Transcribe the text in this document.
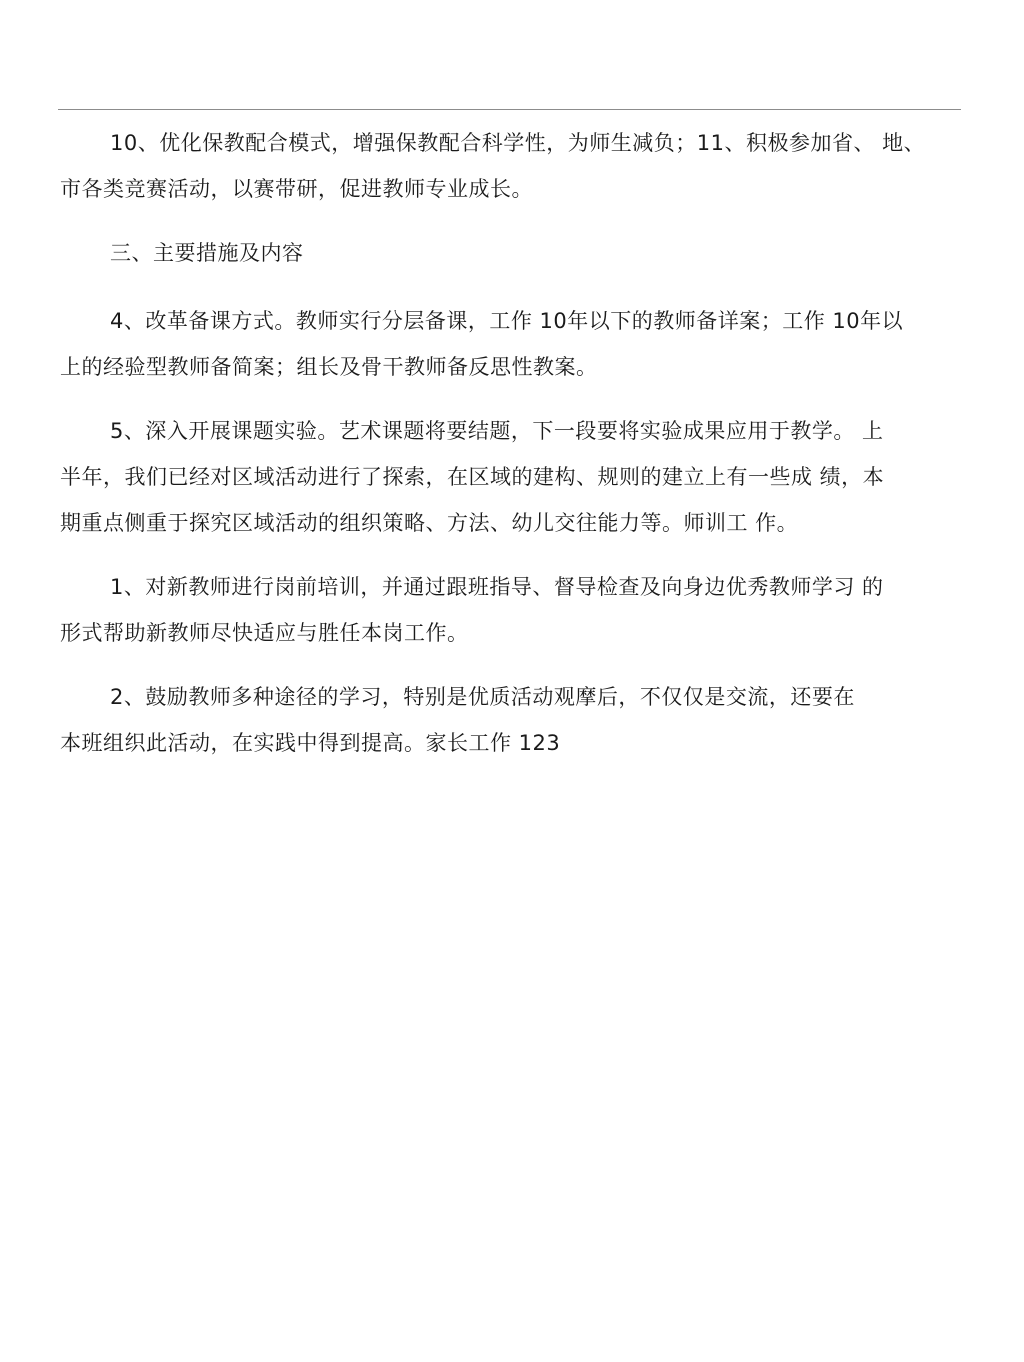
10、优化保教配合模式，增强保教配合科学性，为师生减负；11、积极参加省、 地、
市各类竞赛活动，以赛带研，促进教师专业成长。

三、主要措施及内容

4、改革备课方式。教师实行分层备课，工作 10年以下的教师备详案；工作 10年以
上的经验型教师备简案；组长及骨干教师备反思性教案。

5、深入开展课题实验。艺术课题将要结题，下一段要将实验成果应用于教学。 上
半年，我们已经对区域活动进行了探索，在区域的建构、规则的建立上有一些成 绩，本
期重点侧重于探究区域活动的组织策略、方法、幼儿交往能力等。师训工 作。

1、对新教师进行岗前培训，并通过跟班指导、督导检查及向身边优秀教师学习 的
形式帮助新教师尽快适应与胜任本岗工作。

2、鼓励教师多种途径的学习，特别是优质活动观摩后，不仅仅是交流，还要在
本班组织此活动，在实践中得到提高。家长工作 123
